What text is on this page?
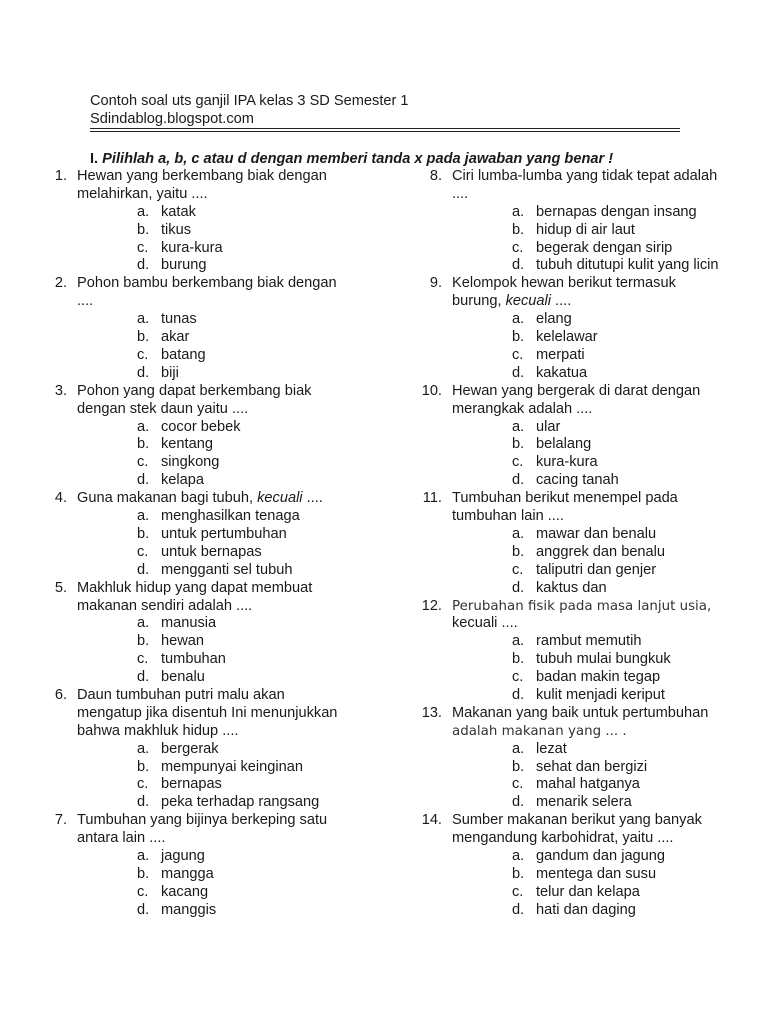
Contoh soal uts ganjil IPA kelas 3 SD Semester 1
Sdindablog.blogspot.com
I. Pilihlah a, b, c atau d dengan memberi tanda x pada jawaban yang benar !
1. Hewan yang berkembang biak dengan
melahirkan, yaitu ....
a. katak
b. tikus
c. kura-kura
d. burung
2. Pohon bambu berkembang biak dengan
....
a. tunas
b. akar
c. batang
d. biji
3. Pohon yang dapat berkembang biak
dengan stek daun yaitu ....
a. cocor bebek
b. kentang
c. singkong
d. kelapa
4. Guna makanan bagi tubuh, kecuali ....
a. menghasilkan tenaga
b. untuk pertumbuhan
c. untuk bernapas
d. mengganti sel tubuh
5. Makhluk hidup yang dapat membuat
makanan sendiri adalah ....
a. manusia
b. hewan
c. tumbuhan
d. benalu
6. Daun tumbuhan putri malu akan
mengatup jika disentuh Ini menunjukkan
bahwa makhluk hidup ....
a. bergerak
b. mempunyai keinginan
c. bernapas
d. peka terhadap rangsang
7. Tumbuhan yang bijinya berkeping satu
antara lain ....
a. jagung
b. mangga
c. kacang
d. manggis
8. Ciri lumba-lumba yang tidak tepat adalah
....
a. bernapas dengan insang
b. hidup di air laut
c. begerak dengan sirip
d. tubuh ditutupi kulit yang licin
9. Kelompok hewan berikut termasuk
burung, kecuali ....
a. elang
b. kelelawar
c. merpati
d. kakatua
10. Hewan yang bergerak di darat dengan
merangkak adalah ....
a. ular
b. belalang
c. kura-kura
d. cacing tanah
11. Tumbuhan berikut menempel pada
tumbuhan lain ....
a. mawar dan benalu
b. anggrek dan benalu
c. taliputri dan genjer
d. kaktus dan
12. Perubahan fisik pada masa lanjut usia,
kecuali ....
a. rambut memutih
b. tubuh mulai bungkuk
c. badan makin tegap
d. kulit menjadi keriput
13. Makanan yang baik untuk pertumbuhan
adalah makanan yang ... .
a. lezat
b. sehat dan bergizi
c. mahal hatganya
d. menarik selera
14. Sumber makanan berikut yang banyak
mengandung karbohidrat, yaitu ....
a. gandum dan jagung
b. mentega dan susu
c. telur dan kelapa
d. hati dan daging
